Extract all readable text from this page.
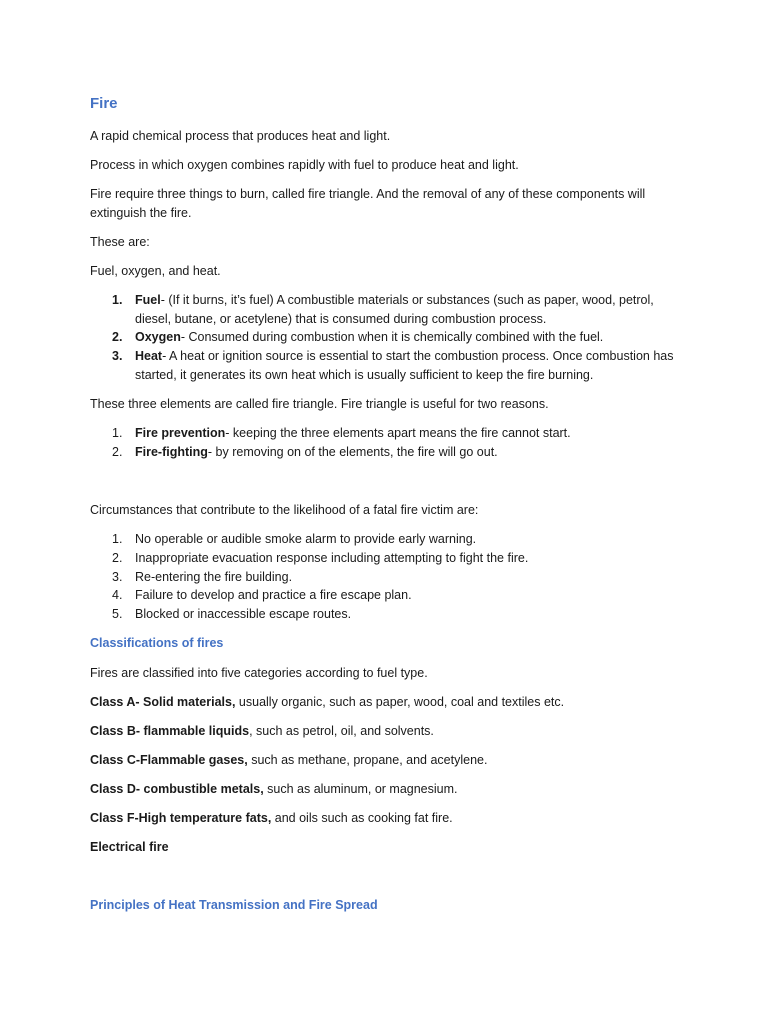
Fire
A rapid chemical process that produces heat and light.
Process in which oxygen combines rapidly with fuel to produce heat and light.
Fire require three things to burn, called fire triangle. And the removal of any of these components will extinguish the fire.
These are:
Fuel, oxygen, and heat.
1.	Fuel- (If it burns, it’s fuel) A combustible materials or substances (such as paper, wood, petrol, diesel, butane, or acetylene) that is consumed during combustion process.
2.	Oxygen- Consumed during combustion when it is chemically combined with the fuel.
3.	Heat- A heat or ignition source is essential to start the combustion process. Once combustion has started, it generates its own heat which is usually sufficient to keep the fire burning.
These three elements are called fire triangle. Fire triangle is useful for two reasons.
1.	Fire prevention- keeping the three elements apart means the fire cannot start.
2.	Fire-fighting- by removing on of the elements, the fire will go out.
Circumstances that contribute to the likelihood of a fatal fire victim are:
1.	No operable or audible smoke alarm to provide early warning.
2.	Inappropriate evacuation response including attempting to fight the fire.
3.	Re-entering the fire building.
4.	Failure to develop and practice a fire escape plan.
5.	Blocked or inaccessible escape routes.
Classifications of fires
Fires are classified into five categories according to fuel type.
Class A- Solid materials, usually organic, such as paper, wood, coal and textiles etc.
Class B- flammable liquids, such as petrol, oil, and solvents.
Class C-Flammable gases, such as methane, propane, and acetylene.
Class D- combustible metals, such as aluminum, or magnesium.
Class F-High temperature fats, and oils such as cooking fat fire.
Electrical fire
Principles of Heat Transmission and Fire Spread
